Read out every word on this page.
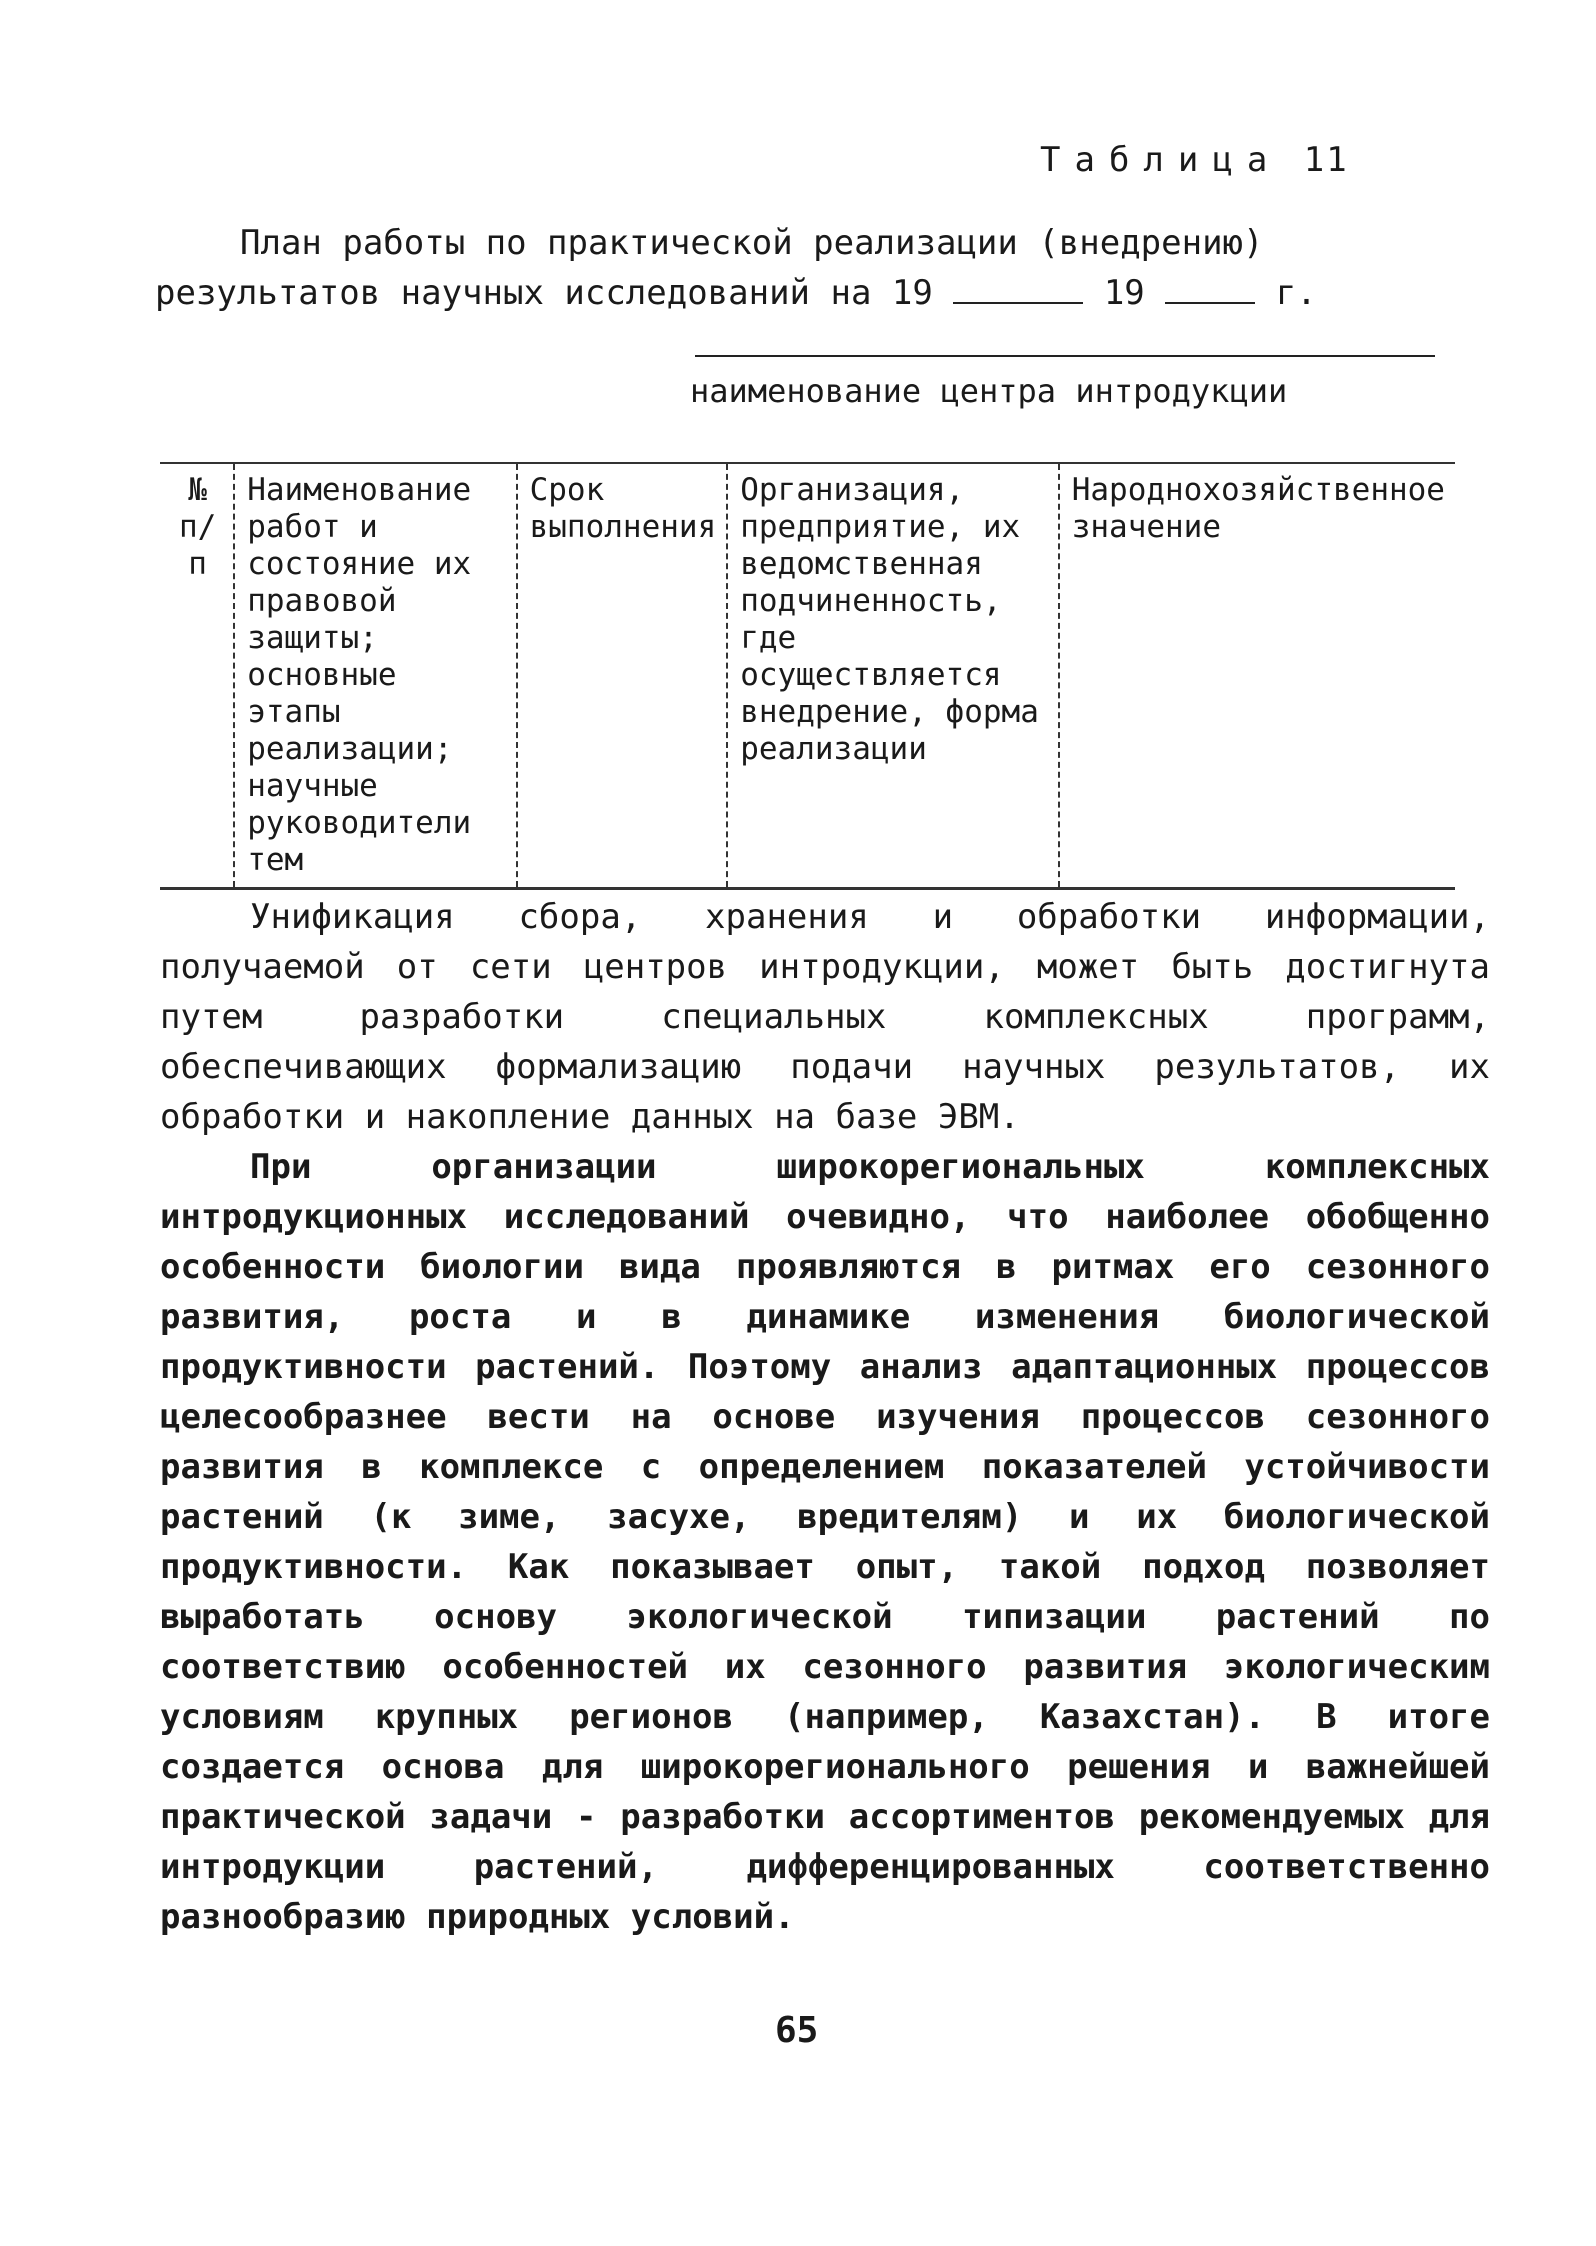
Таблица 11
План работы по практической реализации (внедрению)
результатов научных исследований на 19	19	г.
наименование центра интродукции
№ п/п	Наименование работ и состояние их правовой защиты; основные этапы реализации; научные руководители тем	Срок выполнения	Организация, предприятие, их ведомственная подчиненность, где осуществляется внедрение, форма реализации	Народнохозяйственное значение

Унификация сбора, хранения и обработки информации, получаемой от сети центров интродукции, может быть достигнута путем разработки специальных комплексных программ, обеспечивающих формализацию подачи научных результатов, их обработки и накопление данных на базе ЭВМ.

При организации широкорегиональных комплексных интродукционных исследований очевидно, что наиболее обобщенно особенности биологии вида проявляются в ритмах его сезонного развития, роста и в динамике изменения биологической продуктивности растений. Поэтому анализ адаптационных процессов целесообразнее вести на основе изучения процессов сезонного развития в комплексе с определением показателей устойчивости растений (к зиме, засухе, вредителям) и их биологической продуктивности. Как показывает опыт, такой подход позволяет выработать основу экологической типизации растений по соответствию особенностей их сезонного развития экологическим условиям крупных регионов (например, Казахстан). В итоге создается основа для широкорегионального решения и важнейшей практической задачи - разработки ассортиментов рекомендуемых для интродукции растений, дифференцированных соответственно разнообразию природных условий.

65
